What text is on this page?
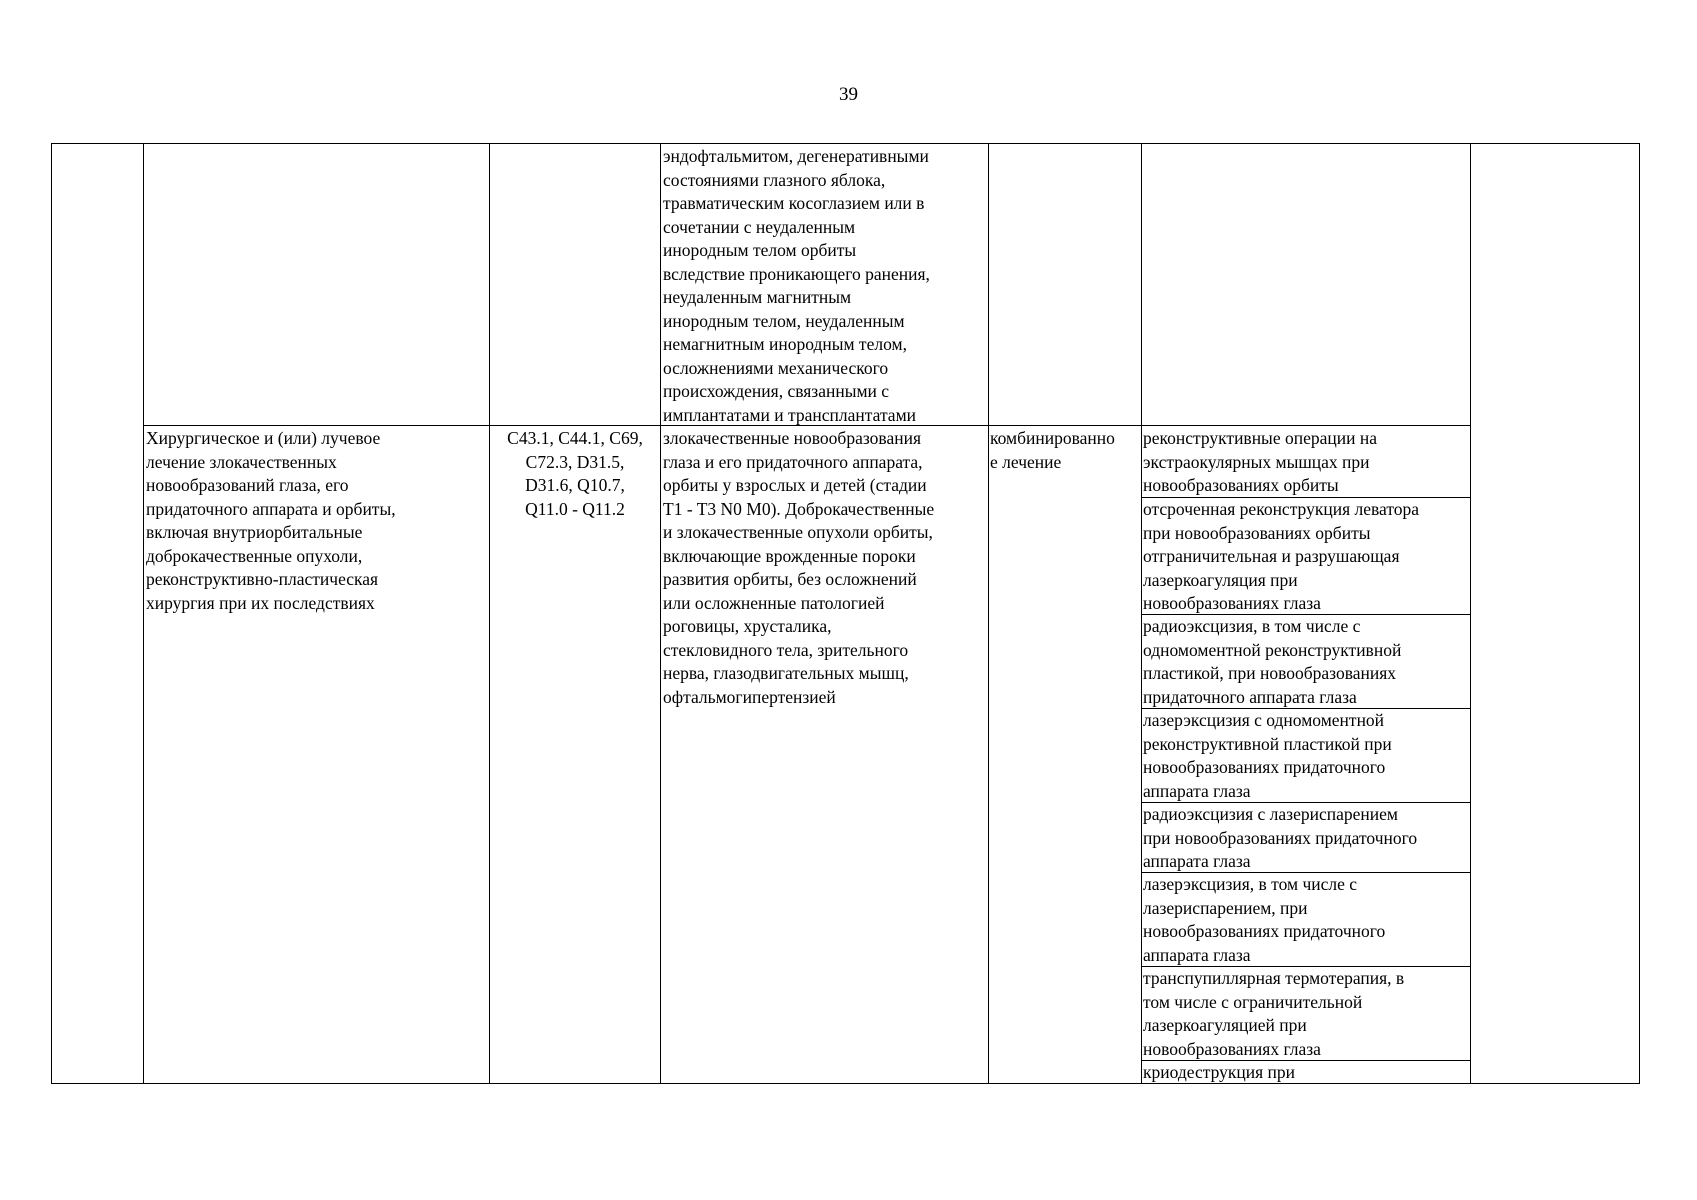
39

эндофтальмитом, дегенеративными
состояниями глазного яблока,
травматическим косоглазием или в
сочетании с неудаленным
инородным телом орбиты
вследствие проникающего ранения,
неудаленным магнитным
инородным телом, неудаленным
немагнитным инородным телом,
осложнениями механического
происхождения, связанными с
имплантатами и трансплантатами

Хирургическое и (или) лучевое
лечение злокачественных
новообразований глаза, его
придаточного аппарата и орбиты,
включая внутриорбитальные
доброкачественные опухоли,
реконструктивно-пластическая
хирургия при их последствиях

C43.1, C44.1, C69,
C72.3, D31.5,
D31.6, Q10.7,
Q11.0 - Q11.2

злокачественные новообразования
глаза и его придаточного аппарата,
орбиты у взрослых и детей (стадии
T1 - T3 N0 M0). Доброкачественные
и злокачественные опухоли орбиты,
включающие врожденные пороки
развития орбиты, без осложнений
или осложненные патологией
роговицы, хрусталика,
стекловидного тела, зрительного
нерва, глазодвигательных мышц,
офтальмогипертензией

комбинированно
е лечение

реконструктивные операции на
экстраокулярных мышцах при
новообразованиях орбиты

отсроченная реконструкция леватора
при новообразованиях орбиты
отграничительная и разрушающая
лазеркоагуляция при
новообразованиях глаза

радиоэксцизия, в том числе с
одномоментной реконструктивной
пластикой, при новообразованиях
придаточного аппарата глаза

лазерэксцизия с одномоментной
реконструктивной пластикой при
новообразованиях придаточного
аппарата глаза

радиоэксцизия с лазериспарением
при новообразованиях придаточного
аппарата глаза

лазерэксцизия, в том числе с
лазериспарением, при
новообразованиях придаточного
аппарата глаза

транспупиллярная термотерапия, в
том числе с ограничительной
лазеркоагуляцией при
новообразованиях глаза

криодеструкция при
